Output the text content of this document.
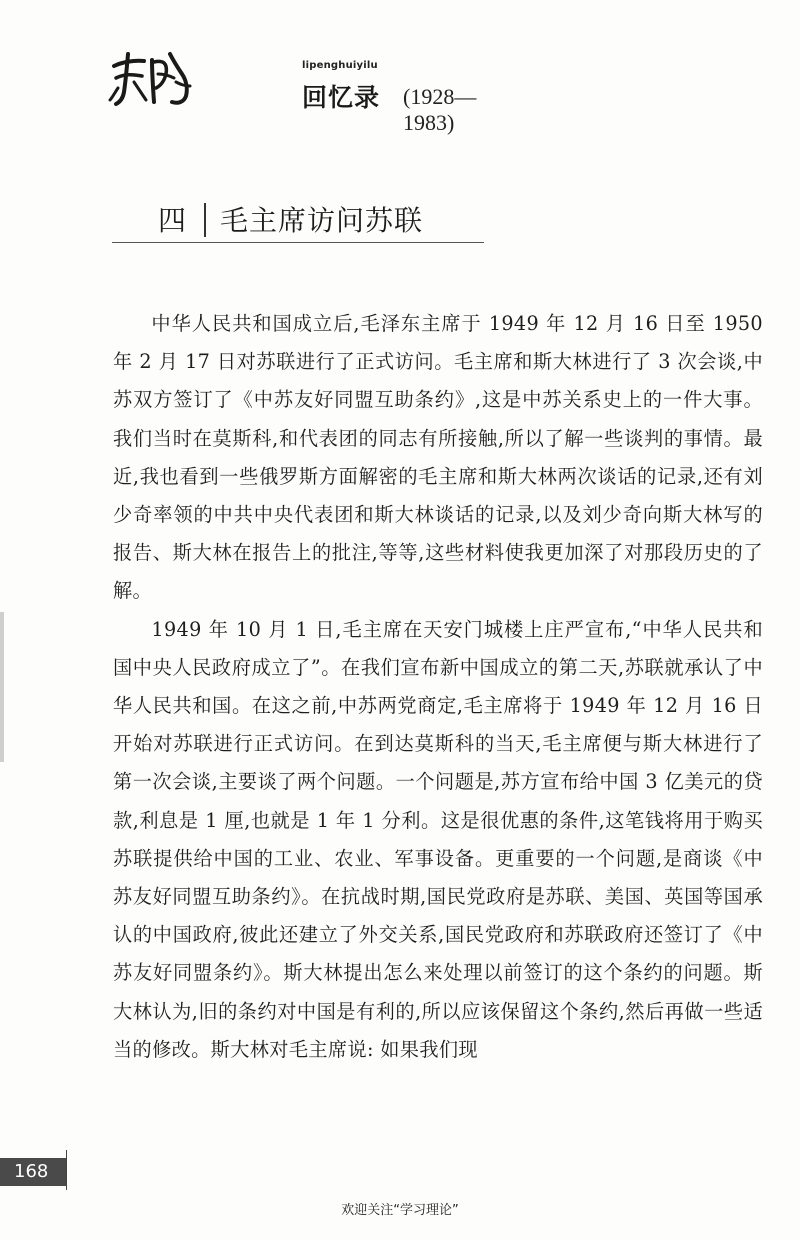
lipenghuiyilu
回忆录 (1928—1983)
四 毛主席访问苏联

中华人民共和国成立后,毛泽东主席于 1949 年 12 月 16 日至 1950 年 2 月 17 日对苏联进行了正式访问。毛主席和斯大林进行了 3 次会谈,中苏双方签订了《中苏友好同盟互助条约》,这是中苏关系史上的一件大事。我们当时在莫斯科,和代表团的同志有所接触,所以了解一些谈判的事情。最近,我也看到一些俄罗斯方面解密的毛主席和斯大林两次谈话的记录,还有刘少奇率领的中共中央代表团和斯大林谈话的记录,以及刘少奇向斯大林写的报告、斯大林在报告上的批注,等等,这些材料使我更加深了对那段历史的了解。

1949 年 10 月 1 日,毛主席在天安门城楼上庄严宣布,“中华人民共和国中央人民政府成立了”。在我们宣布新中国成立的第二天,苏联就承认了中华人民共和国。在这之前,中苏两党商定,毛主席将于 1949 年 12 月 16 日开始对苏联进行正式访问。在到达莫斯科的当天,毛主席便与斯大林进行了第一次会谈,主要谈了两个问题。一个问题是,苏方宣布给中国 3 亿美元的贷款,利息是 1 厘,也就是 1 年 1 分利。这是很优惠的条件,这笔钱将用于购买苏联提供给中国的工业、农业、军事设备。更重要的一个问题,是商谈《中苏友好同盟互助条约》。在抗战时期,国民党政府是苏联、美国、英国等国承认的中国政府,彼此还建立了外交关系,国民党政府和苏联政府还签订了《中苏友好同盟条约》。斯大林提出怎么来处理以前签订的这个条约的问题。斯大林认为,旧的条约对中国是有利的,所以应该保留这个条约,然后再做一些适当的修改。斯大林对毛主席说: 如果我们现

168
欢迎关注“学习理论”
